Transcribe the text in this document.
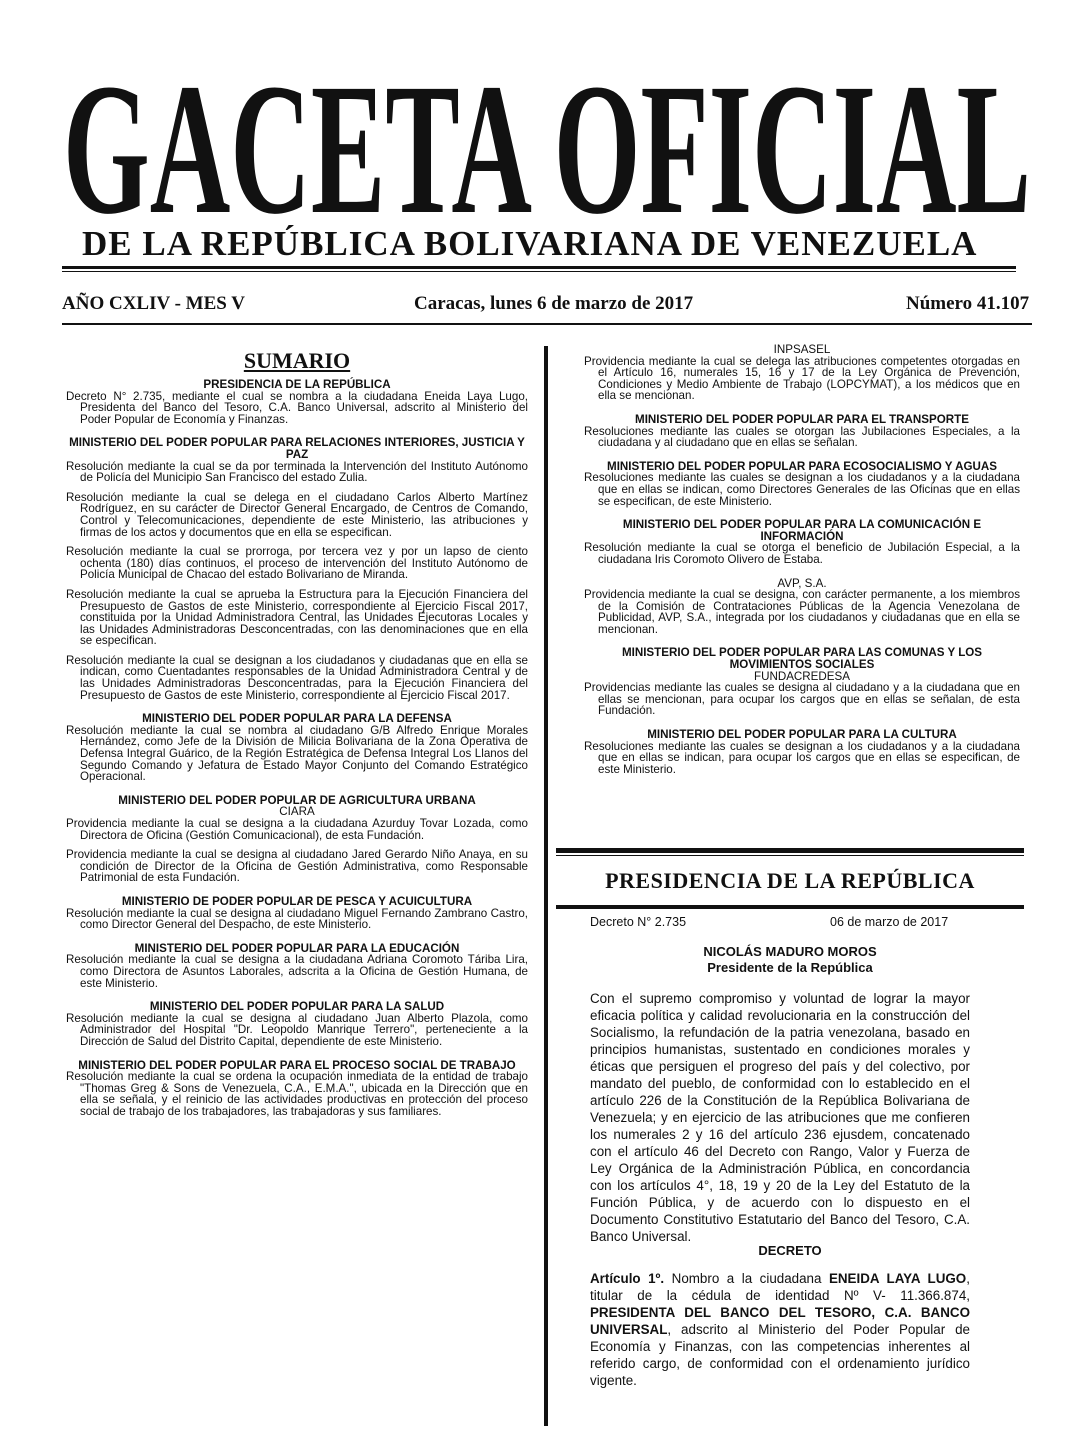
GACETA OFICIAL
DE LA REPÚBLICA BOLIVARIANA DE VENEZUELA
AÑO CXLIV - MES V	Caracas, lunes 6 de marzo de 2017	Número 41.107
SUMARIO
PRESIDENCIA DE LA REPÚBLICA
Decreto N° 2.735, mediante el cual se nombra a la ciudadana Eneida Laya Lugo, Presidenta del Banco del Tesoro, C.A. Banco Universal, adscrito al Ministerio del Poder Popular de Economía y Finanzas.
MINISTERIO DEL PODER POPULAR PARA RELACIONES INTERIORES, JUSTICIA Y PAZ
Resolución mediante la cual se da por terminada la Intervención del Instituto Autónomo de Policía del Municipio San Francisco del estado Zulia.
Resolución mediante la cual se delega en el ciudadano Carlos Alberto Martínez Rodríguez, en su carácter de Director General Encargado, de Centros de Comando, Control y Telecomunicaciones, dependiente de este Ministerio, las atribuciones y firmas de los actos y documentos que en ella se especifican.
Resolución mediante la cual se prorroga, por tercera vez y por un lapso de ciento ochenta (180) días continuos, el proceso de intervención del Instituto Autónomo de Policía Municipal de Chacao del estado Bolivariano de Miranda.
Resolución mediante la cual se aprueba la Estructura para la Ejecución Financiera del Presupuesto de Gastos de este Ministerio, correspondiente al Ejercicio Fiscal 2017, constituida por la Unidad Administradora Central, las Unidades Ejecutoras Locales y las Unidades Administradoras Desconcentradas, con las denominaciones que en ella se especifican.
Resolución mediante la cual se designan a los ciudadanos y ciudadanas que en ella se indican, como Cuentadantes responsables de la Unidad Administradora Central y de las Unidades Administradoras Desconcentradas, para la Ejecución Financiera del Presupuesto de Gastos de este Ministerio, correspondiente al Ejercicio Fiscal 2017.
MINISTERIO DEL PODER POPULAR PARA LA DEFENSA
Resolución mediante la cual se nombra al ciudadano G/B Alfredo Enrique Morales Hernández, como Jefe de la División de Milicia Bolivariana de la Zona Operativa de Defensa Integral Guárico, de la Región Estratégica de Defensa Integral Los Llanos del Segundo Comando y Jefatura de Estado Mayor Conjunto del Comando Estratégico Operacional.
MINISTERIO DEL PODER POPULAR DE AGRICULTURA URBANA
CIARA
Providencia mediante la cual se designa a la ciudadana Azurduy Tovar Lozada, como Directora de Oficina (Gestión Comunicacional), de esta Fundación.
Providencia mediante la cual se designa al ciudadano Jared Gerardo Niño Anaya, en su condición de Director de la Oficina de Gestión Administrativa, como Responsable Patrimonial de esta Fundación.
MINISTERIO DE PODER POPULAR DE PESCA Y ACUICULTURA
Resolución mediante la cual se designa al ciudadano Miguel Fernando Zambrano Castro, como Director General del Despacho, de este Ministerio.
MINISTERIO DEL PODER POPULAR PARA LA EDUCACIÓN
Resolución mediante la cual se designa a la ciudadana Adriana Coromoto Táriba Lira, como Directora de Asuntos Laborales, adscrita a la Oficina de Gestión Humana, de este Ministerio.
MINISTERIO DEL PODER POPULAR PARA LA SALUD
Resolución mediante la cual se designa al ciudadano Juan Alberto Plazola, como Administrador del Hospital "Dr. Leopoldo Manrique Terrero", perteneciente a la Dirección de Salud del Distrito Capital, dependiente de este Ministerio.
MINISTERIO DEL PODER POPULAR PARA EL PROCESO SOCIAL DE TRABAJO
Resolución mediante la cual se ordena la ocupación inmediata de la entidad de trabajo "Thomas Greg & Sons de Venezuela, C.A., E.M.A.", ubicada en la Dirección que en ella se señala, y el reinicio de las actividades productivas en protección del proceso social de trabajo de los trabajadores, las trabajadoras y sus familiares.
INPSASEL
Providencia mediante la cual se delega las atribuciones competentes otorgadas en el Artículo 16, numerales 15, 16 y 17 de la Ley Orgánica de Prevención, Condiciones y Medio Ambiente de Trabajo (LOPCYMAT), a los médicos que en ella se mencionan.
MINISTERIO DEL PODER POPULAR PARA EL TRANSPORTE
Resoluciones mediante las cuales se otorgan las Jubilaciones Especiales, a la ciudadana y al ciudadano que en ellas se señalan.
MINISTERIO DEL PODER POPULAR PARA ECOSOCIALISMO Y AGUAS
Resoluciones mediante las cuales se designan a los ciudadanos y a la ciudadana que en ellas se indican, como Directores Generales de las Oficinas que en ellas se especifican, de este Ministerio.
MINISTERIO DEL PODER POPULAR PARA LA COMUNICACIÓN E INFORMACIÓN
Resolución mediante la cual se otorga el beneficio de Jubilación Especial, a la ciudadana Iris Coromoto Olivero de Estaba.
AVP, S.A.
Providencia mediante la cual se designa, con carácter permanente, a los miembros de la Comisión de Contrataciones Públicas de la Agencia Venezolana de Publicidad, AVP, S.A., integrada por los ciudadanos y ciudadanas que en ella se mencionan.
MINISTERIO DEL PODER POPULAR PARA LAS COMUNAS Y LOS MOVIMIENTOS SOCIALES
FUNDACREDESA
Providencias mediante las cuales se designa al ciudadano y a la ciudadana que en ellas se mencionan, para ocupar los cargos que en ellas se señalan, de esta Fundación.
MINISTERIO DEL PODER POPULAR PARA LA CULTURA
Resoluciones mediante las cuales se designan a los ciudadanos y a la ciudadana que en ellas se indican, para ocupar los cargos que en ellas se especifican, de este Ministerio.
PRESIDENCIA DE LA REPÚBLICA
Decreto N° 2.735	06 de marzo de 2017
NICOLÁS MADURO MOROS
Presidente de la República
Con el supremo compromiso y voluntad de lograr la mayor eficacia política y calidad revolucionaria en la construcción del Socialismo, la refundación de la patria venezolana, basado en principios humanistas, sustentado en condiciones morales y éticas que persiguen el progreso del país y del colectivo, por mandato del pueblo, de conformidad con lo establecido en el artículo 226 de la Constitución de la República Bolivariana de Venezuela; y en ejercicio de las atribuciones que me confieren los numerales 2 y 16 del artículo 236 ejusdem, concatenado con el artículo 46 del Decreto con Rango, Valor y Fuerza de Ley Orgánica de la Administración Pública, en concordancia con los artículos 4°, 18, 19 y 20 de la Ley del Estatuto de la Función Pública, y de acuerdo con lo dispuesto en el Documento Constitutivo Estatutario del Banco del Tesoro, C.A. Banco Universal.
DECRETO
Artículo 1º. Nombro a la ciudadana ENEIDA LAYA LUGO, titular de la cédula de identidad Nº V- 11.366.874, PRESIDENTA DEL BANCO DEL TESORO, C.A. BANCO UNIVERSAL, adscrito al Ministerio del Poder Popular de Economía y Finanzas, con las competencias inherentes al referido cargo, de conformidad con el ordenamiento jurídico vigente.
